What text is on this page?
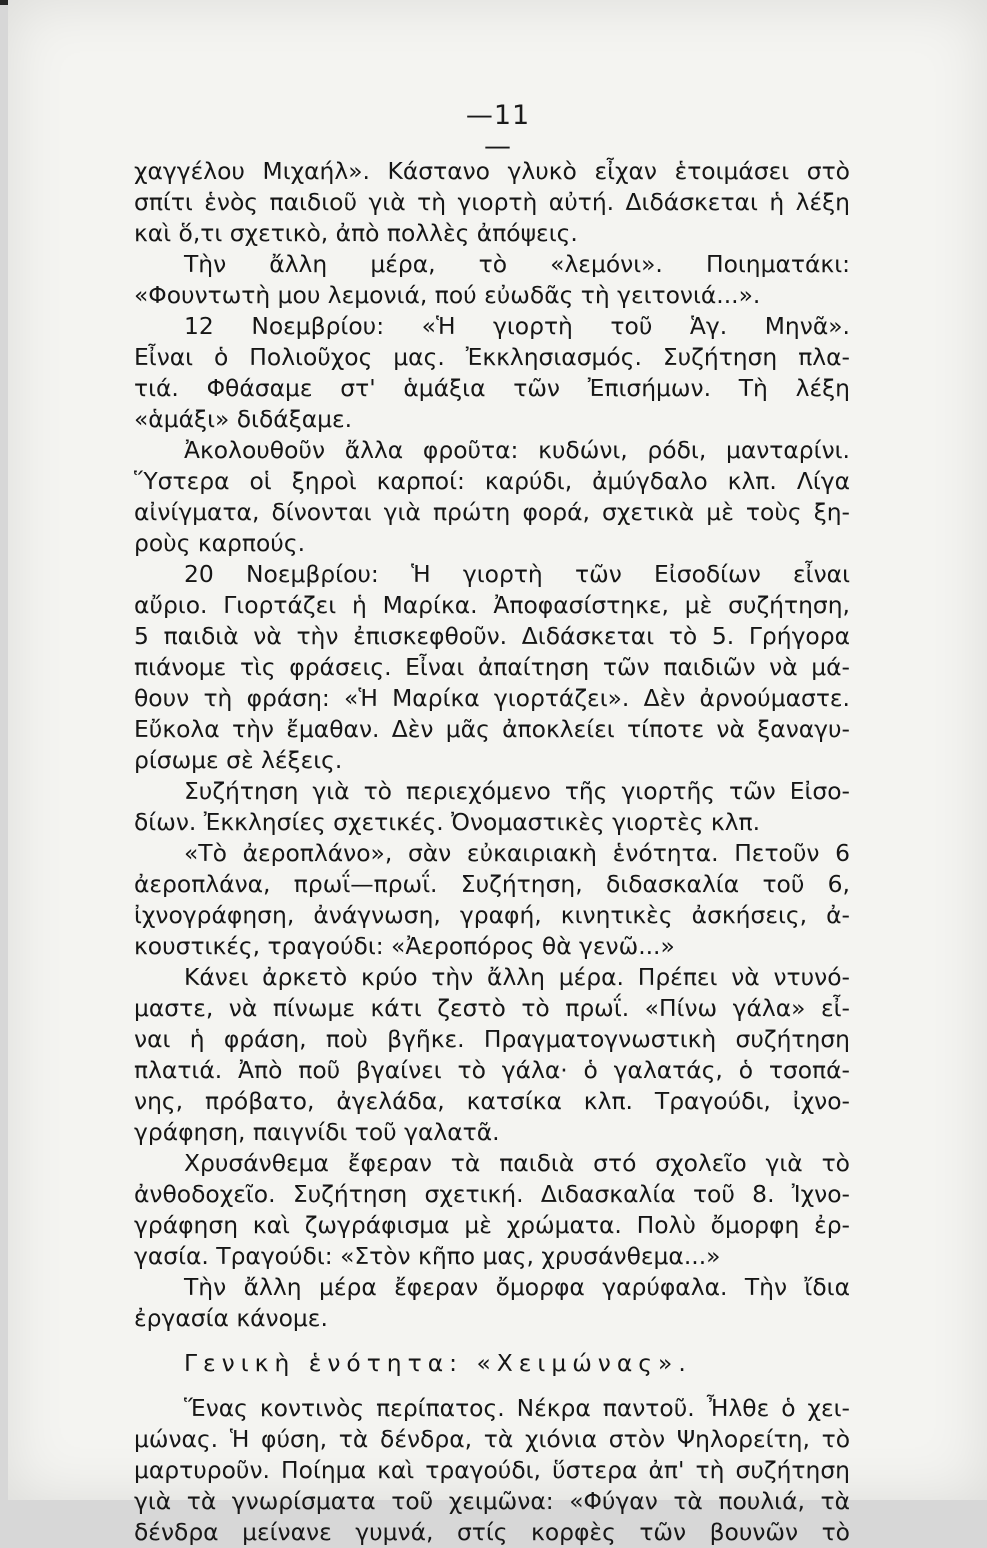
—11—
χαγγέλου Μιχαήλ». Κάστανο γλυκὸ εἶχαν ἑτοιμάσει στὸ
σπίτι ἑνὸς παιδιοῦ γιὰ τὴ γιορτὴ αὐτή. Διδάσκεται ἡ λέξη
καὶ ὅ,τι σχετικὸ, ἀπὸ πολλὲς ἀπόψεις.
Τὴν ἄλλη μέρα, τὸ «λεμόνι». Ποιηματάκι:
«Φουντωτὴ μου λεμονιά, πού εὐωδᾶς τὴ γειτονιά...».
12 Νοεμβρίου: «Ἡ γιορτὴ τοῦ Ἁγ. Μηνᾶ».
Εἶναι ὁ Πολιοῦχος μας. Ἐκκλησιασμός. Συζήτηση πλα-
τιά. Φθάσαμε στ' ἁμάξια τῶν Ἐπισήμων. Τὴ λέξη
«ἁμάξι» διδάξαμε.
Ἀκολουθοῦν ἄλλα φροῦτα: κυδώνι, ρόδι, μανταρίνι.
Ὕστερα οἱ ξηροὶ καρποί: καρύδι, ἀμύγδαλο κλπ. Λίγα
αἰνίγματα, δίνονται γιὰ πρώτη φορά, σχετικὰ μὲ τοὺς ξη-
ροὺς καρπούς.
20 Νοεμβρίου: Ἡ γιορτὴ τῶν Εἰσοδίων εἶναι
αὔριο. Γιορτάζει ἡ Μαρίκα. Ἀποφασίστηκε, μὲ συζήτηση,
5 παιδιὰ νὰ τὴν ἐπισκεφθοῦν. Διδάσκεται τὸ 5. Γρήγορα
πιάνομε τὶς φράσεις. Εἶναι ἀπαίτηση τῶν παιδιῶν νὰ μά-
θουν τὴ φράση: «Ἡ Μαρίκα γιορτάζει». Δὲν ἀρνούμαστε.
Εὔκολα τὴν ἔμαθαν. Δὲν μᾶς ἀποκλείει τίποτε νὰ ξαναγυ-
ρίσωμε σὲ λέξεις.
Συζήτηση γιὰ τὸ περιεχόμενο τῆς γιορτῆς τῶν Εἰσο-
δίων. Ἐκκλησίες σχετικές. Ὀνομαστικὲς γιορτὲς κλπ.
«Τὸ ἀεροπλάνο», σὰν εὐκαιριακὴ ἑνότητα. Πετοῦν 6
ἀεροπλάνα, πρωΐ—πρωΐ. Συζήτηση, διδασκαλία τοῦ 6,
ἰχνογράφηση, ἀνάγνωση, γραφή, κινητικὲς ἀσκήσεις, ἀ-
κουστικές, τραγούδι: «Ἀεροπόρος θὰ γενῶ...»
Κάνει ἀρκετὸ κρύο τὴν ἄλλη μέρα. Πρέπει νὰ ντυνό-
μαστε, νὰ πίνωμε κάτι ζεστὸ τὸ πρωΐ. «Πίνω γάλα» εἶ-
ναι ἡ φράση, ποὺ βγῆκε. Πραγματογνωστικὴ συζήτηση
πλατιά. Ἀπὸ ποῦ βγαίνει τὸ γάλα· ὁ γαλατάς, ὁ τσοπά-
νης, πρόβατο, ἀγελάδα, κατσίκα κλπ. Τραγούδι, ἰχνο-
γράφηση, παιγνίδι τοῦ γαλατᾶ.
Χρυσάνθεμα ἔφεραν τὰ παιδιὰ στό σχολεῖο γιὰ τὸ
ἀνθοδοχεῖο. Συζήτηση σχετική. Διδασκαλία τοῦ 8. Ἰχνο-
γράφηση καὶ ζωγράφισμα μὲ χρώματα. Πολὺ ὄμορφη ἐρ-
γασία. Τραγούδι: «Στὸν κῆπο μας, χρυσάνθεμα...»
Τὴν ἄλλη μέρα ἔφεραν ὄμορφα γαρύφαλα. Τὴν ἴδια
ἐργασία κάνομε.
Γενικὴ ἑνότητα: «Χειμώνας».
Ἕνας κοντινὸς περίπατος. Νέκρα παντοῦ. Ἦλθε ὁ χει-
μώνας. Ἡ φύση, τὰ δένδρα, τὰ χιόνια στὸν Ψηλορείτη, τὸ
μαρτυροῦν. Ποίημα καὶ τραγούδι, ὕστερα ἀπ' τὴ συζήτηση
γιὰ τὰ γνωρίσματα τοῦ χειμῶνα: «Φύγαν τὰ πουλιά, τὰ
δένδρα μείνανε γυμνά, στίς κορφὲς τῶν βουνῶν τὸ
